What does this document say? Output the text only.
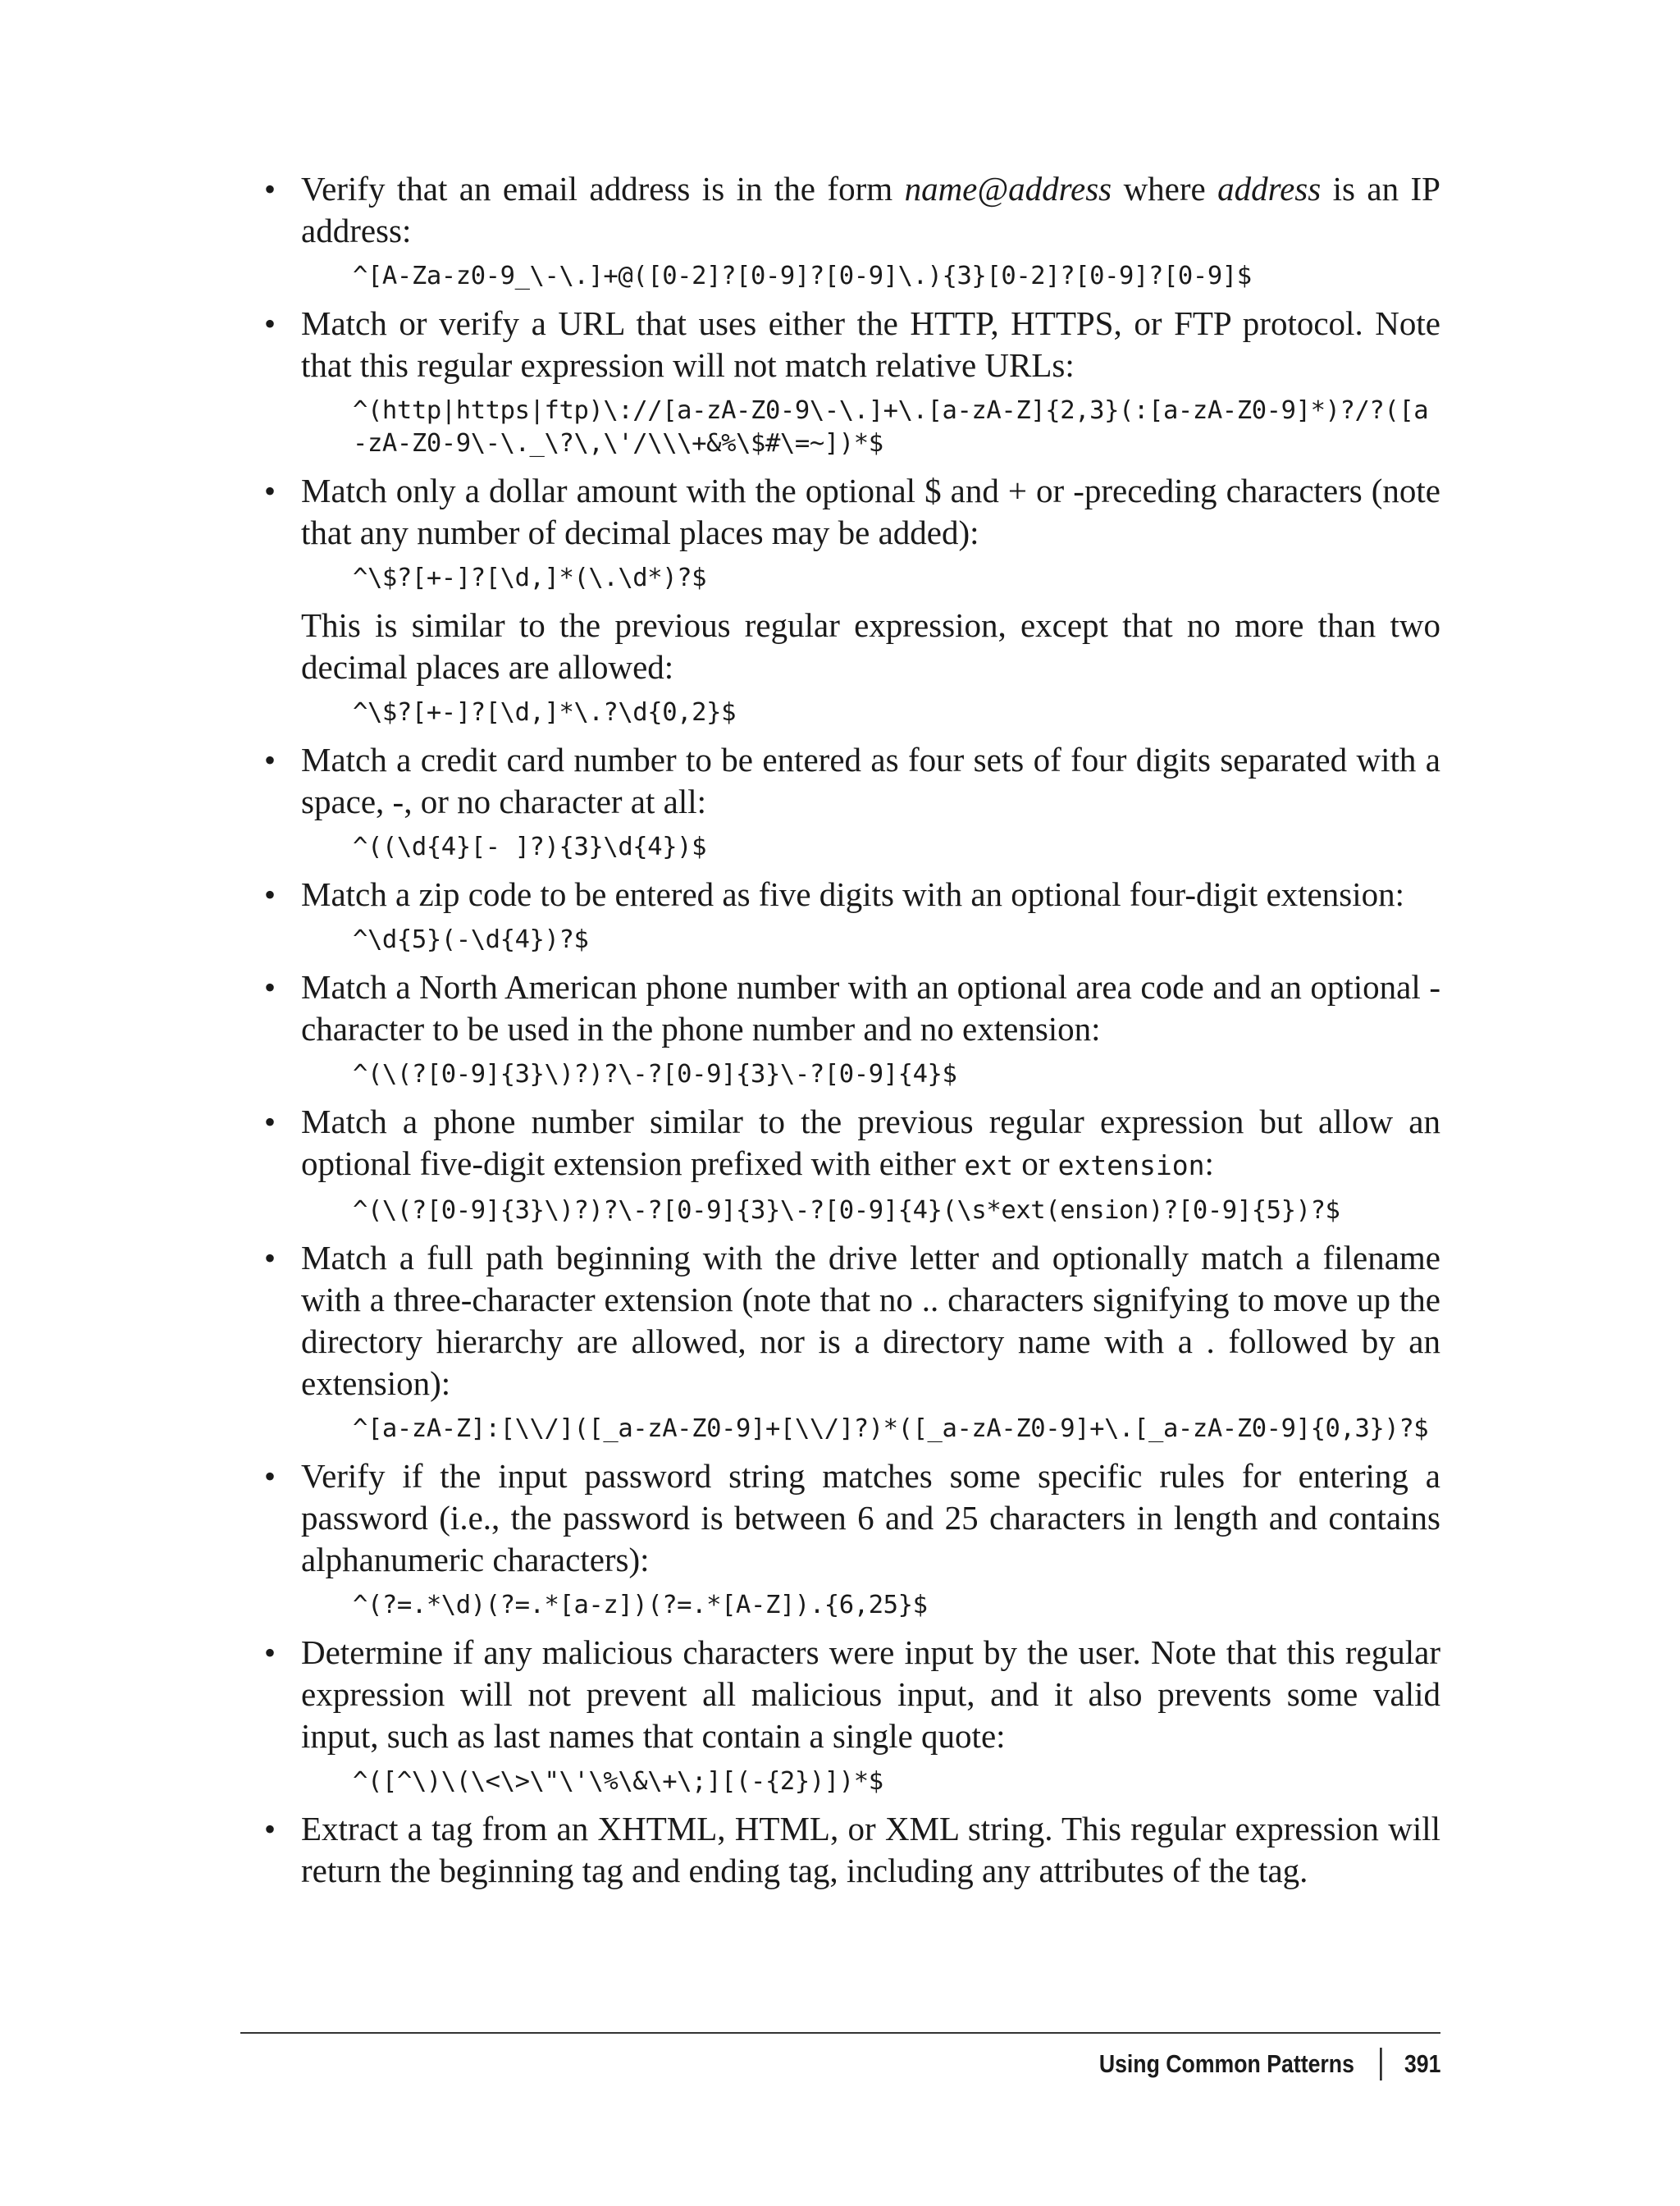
• Verify that an email address is in the form name@address where address is an IP address:

^[A-Za-z0-9_\-\.]+@([0-2]?[0-9]?[0-9]\.){3}[0-2]?[0-9]?[0-9]$
• Match or verify a URL that uses either the HTTP, HTTPS, or FTP protocol. Note that this regular expression will not match relative URLs:

^(http|https|ftp)\://[a-zA-Z0-9\-\.]+\.[a-zA-Z]{2,3}(:[a-zA-Z0-9]*)?/?([a-zA-Z0-9\-\._\?\,\'/\\\+&%\$#\=~])*$
• Match only a dollar amount with the optional $ and + or -preceding characters (note that any number of decimal places may be added):

^\$?[+-]?[\d,]*(\.\d*)?$

This is similar to the previous regular expression, except that no more than two decimal places are allowed:

^\$?[+-]?[\d,]*\.?\d{0,2}$
• Match a credit card number to be entered as four sets of four digits separated with a space, -, or no character at all:

^((\d{4}[- ]?){3}\d{4})$
• Match a zip code to be entered as five digits with an optional four-digit extension:

^\d{5}(-\d{4})?$
• Match a North American phone number with an optional area code and an optional - character to be used in the phone number and no extension:

^(\(?[0-9]{3}\)?)?\-?[0-9]{3}\-?[0-9]{4}$
• Match a phone number similar to the previous regular expression but allow an optional five-digit extension prefixed with either ext or extension:

^(\(?[0-9]{3}\)?)?\-?[0-9]{3}\-?[0-9]{4}(\s*ext(ension)?[0-9]{5})?$
• Match a full path beginning with the drive letter and optionally match a filename with a three-character extension (note that no .. characters signifying to move up the directory hierarchy are allowed, nor is a directory name with a . followed by an extension):

^[a-zA-Z]:[\\/]([_a-zA-Z0-9]+[\\/]?)*([_a-zA-Z0-9]+\.[_a-zA-Z0-9]{0,3})?$
• Verify if the input password string matches some specific rules for entering a password (i.e., the password is between 6 and 25 characters in length and contains alphanumeric characters):

^(?=.*\d)(?=.*[a-z])(?=.*[A-Z]).{6,25}$
• Determine if any malicious characters were input by the user. Note that this regular expression will not prevent all malicious input, and it also prevents some valid input, such as last names that contain a single quote:

^([^\)\(\<\>\"\'\%\&\+\;][(-{2})])*$
• Extract a tag from an XHTML, HTML, or XML string. This regular expression will return the beginning tag and ending tag, including any attributes of the tag.

Using Common Patterns 391
